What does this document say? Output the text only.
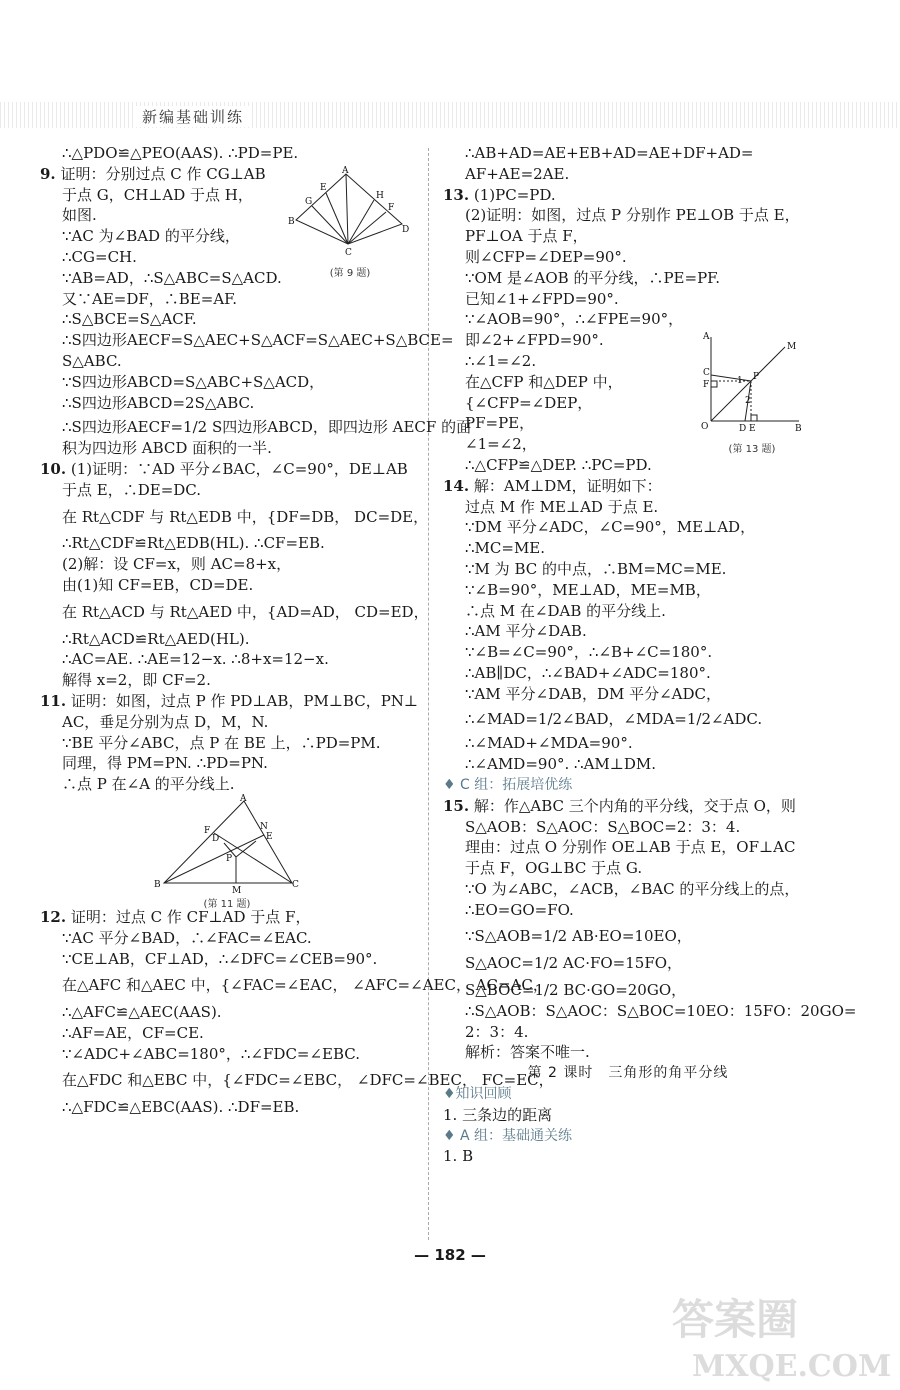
新编基础训练
∴△PDO≌△PEO(AAS). ∴PD=PE.
9. 证明：分别过点 C 作 CG⊥AB
于点 G，CH⊥AD 于点 H，
如图.
∵AC 为∠BAD 的平分线，
∴CG=CH.
∵AB=AD，∴S△ABC=S△ACD.
又∵AE=DF，∴BE=AF.
∴S△BCE=S△ACF.
∴S四边形AECF=S△AEC+S△ACF=S△AEC+S△BCE=
S△ABC.
∵S四边形ABCD=S△ABC+S△ACD，
∴S四边形ABCD=2S△ABC.
∴S四边形AECF=1/2 S四边形ABCD，即四边形 AECF 的面
积为四边形 ABCD 面积的一半.
A
B
C
D
G
H
E
F
(第 9 题)
10. (1)证明：∵AD 平分∠BAC，∠C=90°，DE⊥AB
于点 E，∴DE=DC.
在 Rt△CDF 与 Rt△EDB 中，{DF=DB， DC=DE，
∴Rt△CDF≌Rt△EDB(HL). ∴CF=EB.
(2)解：设 CF=x，则 AC=8+x，
由(1)知 CF=EB，CD=DE.
在 Rt△ACD 与 Rt△AED 中，{AD=AD， CD=ED，
∴Rt△ACD≌Rt△AED(HL).
∴AC=AE. ∴AE=12−x. ∴8+x=12−x.
解得 x=2，即 CF=2.
11. 证明：如图，过点 P 作 PD⊥AB，PM⊥BC，PN⊥
AC，垂足分别为点 D，M，N.
∵BE 平分∠ABC，点 P 在 BE 上，∴PD=PM.
同理，得 PM=PN. ∴PD=PN.
∴点 P 在∠A 的平分线上.
A
B	C
D	E
F	N
P
M
(第 11 题)
12. 证明：过点 C 作 CF⊥AD 于点 F，
∵AC 平分∠BAD，∴∠FAC=∠EAC.
∵CE⊥AB，CF⊥AD，∴∠DFC=∠CEB=90°.
在△AFC 和△AEC 中，{∠FAC=∠EAC， ∠AFC=∠AEC， AC=AC，
∴△AFC≌△AEC(AAS).
∴AF=AE，CF=CE.
∵∠ADC+∠ABC=180°，∴∠FDC=∠EBC.
在△FDC 和△EBC 中，{∠FDC=∠EBC， ∠DFC=∠BEC， FC=EC，
∴△FDC≌△EBC(AAS). ∴DF=EB.
∴AB+AD=AE+EB+AD=AE+DF+AD=
AF+AE=2AE.
13. (1)PC=PD.
(2)证明：如图，过点 P 分别作 PE⊥OB 于点 E，
PF⊥OA 于点 F，
则∠CFP=∠DEP=90°.
∵OM 是∠AOB 的平分线，∴PE=PF.
已知∠1+∠FPD=90°.
∵∠AOB=90°，∴∠FPE=90°，
即∠2+∠FPD=90°.
∴∠1=∠2.
在△CFP 和△DEP 中，
{∠CFP=∠DEP，
PF=PE，
∠1=∠2，
∴△CFP≌△DEP. ∴PC=PD.
A
M
C
F
P
O	D E	B
1
2
(第 13 题)
14. 解：AM⊥DM，证明如下：
过点 M 作 ME⊥AD 于点 E.
∵DM 平分∠ADC，∠C=90°，ME⊥AD，
∴MC=ME.
∵M 为 BC 的中点，∴BM=MC=ME.
∵∠B=90°，ME⊥AD，ME=MB，
∴点 M 在∠DAB 的平分线上.
∴AM 平分∠DAB.
∵∠B=∠C=90°，∴∠B+∠C=180°.
∴AB∥DC，∴∠BAD+∠ADC=180°.
∵AM 平分∠DAB，DM 平分∠ADC，
∴∠MAD=1/2∠BAD，∠MDA=1/2∠ADC.
∴∠MAD+∠MDA=90°.
∴∠AMD=90°. ∴AM⊥DM.
♦ C 组：拓展培优练
15. 解：作△ABC 三个内角的平分线，交于点 O，则
S△AOB：S△AOC：S△BOC=2：3：4.
理由：过点 O 分别作 OE⊥AB 于点 E，OF⊥AC
于点 F，OG⊥BC 于点 G.
∵O 为∠ABC，∠ACB，∠BAC 的平分线上的点，
∴EO=GO=FO.
∵S△AOB=1/2 AB·EO=10EO，
S△AOC=1/2 AC·FO=15FO，
S△BOC=1/2 BC·GO=20GO，
∴S△AOB：S△AOC：S△BOC=10EO：15FO：20GO=
2：3：4.
解析：答案不唯一.
第 2 课时　三角形的角平分线
♦知识回顾
1. 三条边的距离
♦ A 组：基础通关练
1. B
— 182 —
答案圈
MXQE.COM
